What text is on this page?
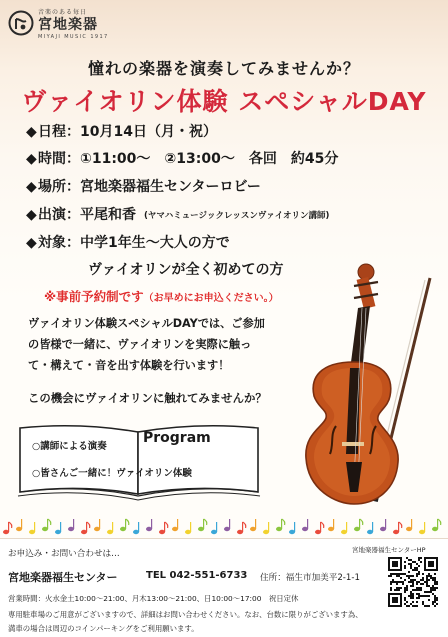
音楽のある毎日
宮地楽器
MIYAJI MUSIC 1917
憧れの楽器を演奏してみませんか？
ヴァイオリン体験 スペシャルDAY
◆日程：10月14日（月・祝）
◆時間：①11:00〜　②13:00〜　各回　約45分
◆場所：宮地楽器福生センターロビー
◆出演：平尾和香 (ヤマハミュージックレッスンヴァイオリン講師)
◆対象：中学1年生〜大人の方で
ヴァイオリンが全く初めての方
※事前予約制です（お早めにお申込ください。）

ヴァイオリン体験スペシャルDAYでは、ご参加

の皆様で一緒に、ヴァイオリンを実際に触っ

て・構えて・音を出す体験を行います！

この機会にヴァイオリンに触れてみませんか？
Program
○講師による演奏
○皆さんご一緒に！ヴァイオリン体験
お申込み・お問い合わせは…	宮地楽器福生センターHP
宮地楽器福生センター	TEL 042-551-6733 住所：福生市加美平2-1-1
営業時間：火水金土10:00〜21:00、月木13:00〜21:00、日10:00〜17:00　祝日定休
専用駐車場のご用意がございますので、詳細はお問い合わせください。なお、台数に限りがございます為、
満車の場合は周辺のコインパーキングをご利用願います。
